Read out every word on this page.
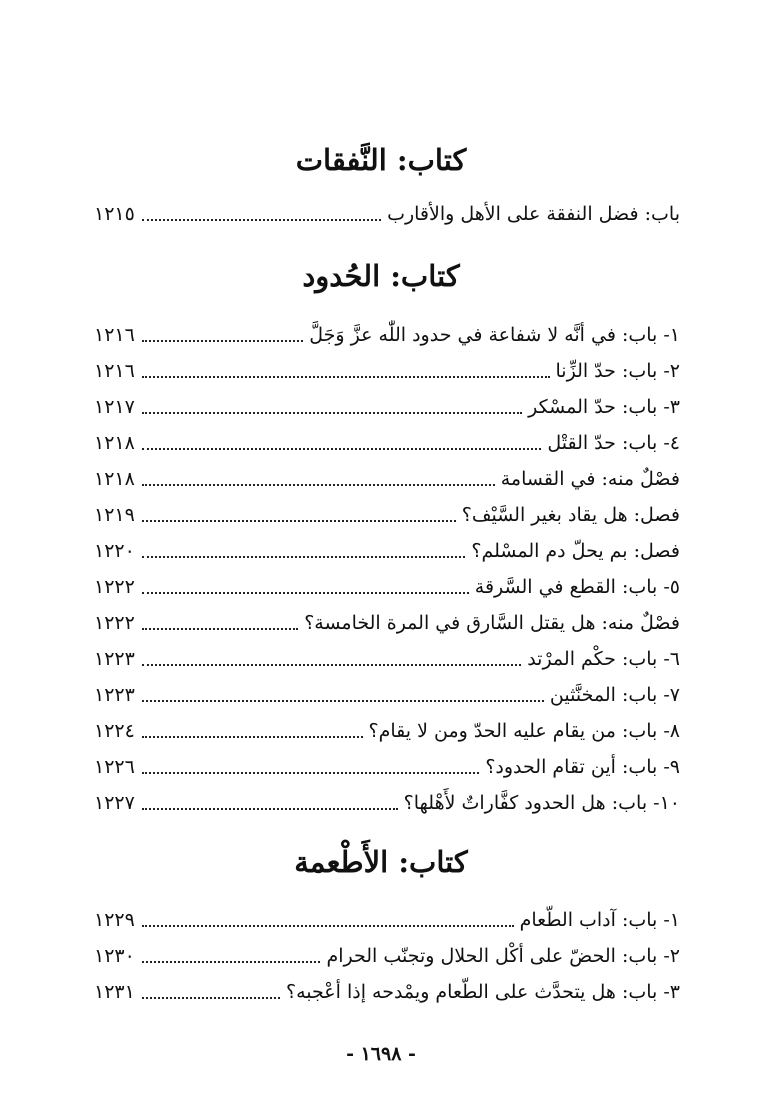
كتاب: النَّفقات
باب: فضل النفقة على الأهل والأقارب
١٢١٥
كتاب: الحُدود
١- باب: في أنَّه لا شفاعة في حدود اللّٰه عزَّ وَجَلَّ
١٢١٦
٢- باب: حدّ الزِّنا
١٢١٦
٣- باب: حدّ المسْكر
١٢١٧
٤- باب: حدّ القتْل
١٢١٨
فصْلٌ منه: في القسامة
١٢١٨
فصل: هل يقاد بغير السَّيْف؟
١٢١٩
فصل: بم يحلّ دم المسْلم؟
١٢٢٠
٥- باب: القطع في السَّرقة
١٢٢٢
فصْلٌ منه: هل يقتل السَّارق في المرة الخامسة؟
١٢٢٢
٦- باب: حكْم المرْتد
١٢٢٣
٧- باب: المخنَّثين
١٢٢٣
٨- باب: من يقام عليه الحدّ ومن لا يقام؟
١٢٢٤
٩- باب: أين تقام الحدود؟
١٢٢٦
١٠- باب: هل الحدود كفَّاراتٌ لأَهْلها؟
١٢٢٧
كتاب: الأَطْعمة
١- باب: آداب الطّعام
١٢٢٩
٢- باب: الحضّ على أكْل الحلال وتجنّب الحرام
١٢٣٠
٣- باب: هل يتحدَّث على الطّعام ويمْدحه إذا أعْجبه؟
١٢٣١
- ١٦٩٨ -
